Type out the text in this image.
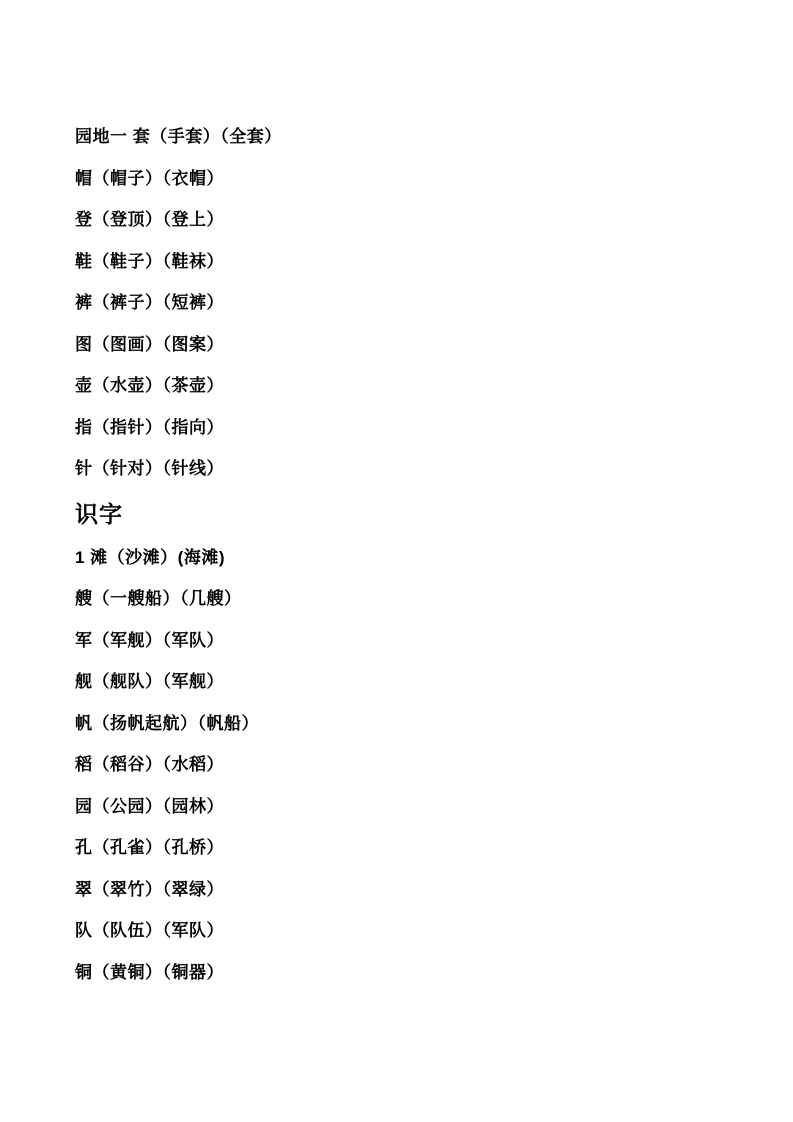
园地一 套（手套）（全套）

帽（帽子）（衣帽）

登（登顶）（登上）

鞋（鞋子）（鞋袜）

裤（裤子）（短裤）

图（图画）（图案）

壶（水壶）（茶壶）

指（指针）（指向）

针（针对）（针线）

识字

1 滩（沙滩）(海滩)

艘（一艘船）（几艘）

军（军舰）（军队）

舰（舰队）（军舰）

帆（扬帆起航）（帆船）

稻（稻谷）（水稻）

园（公园）（园林）

孔（孔雀）（孔桥）

翠（翠竹）（翠绿）

队（队伍）（军队）

铜（黄铜）（铜器）
